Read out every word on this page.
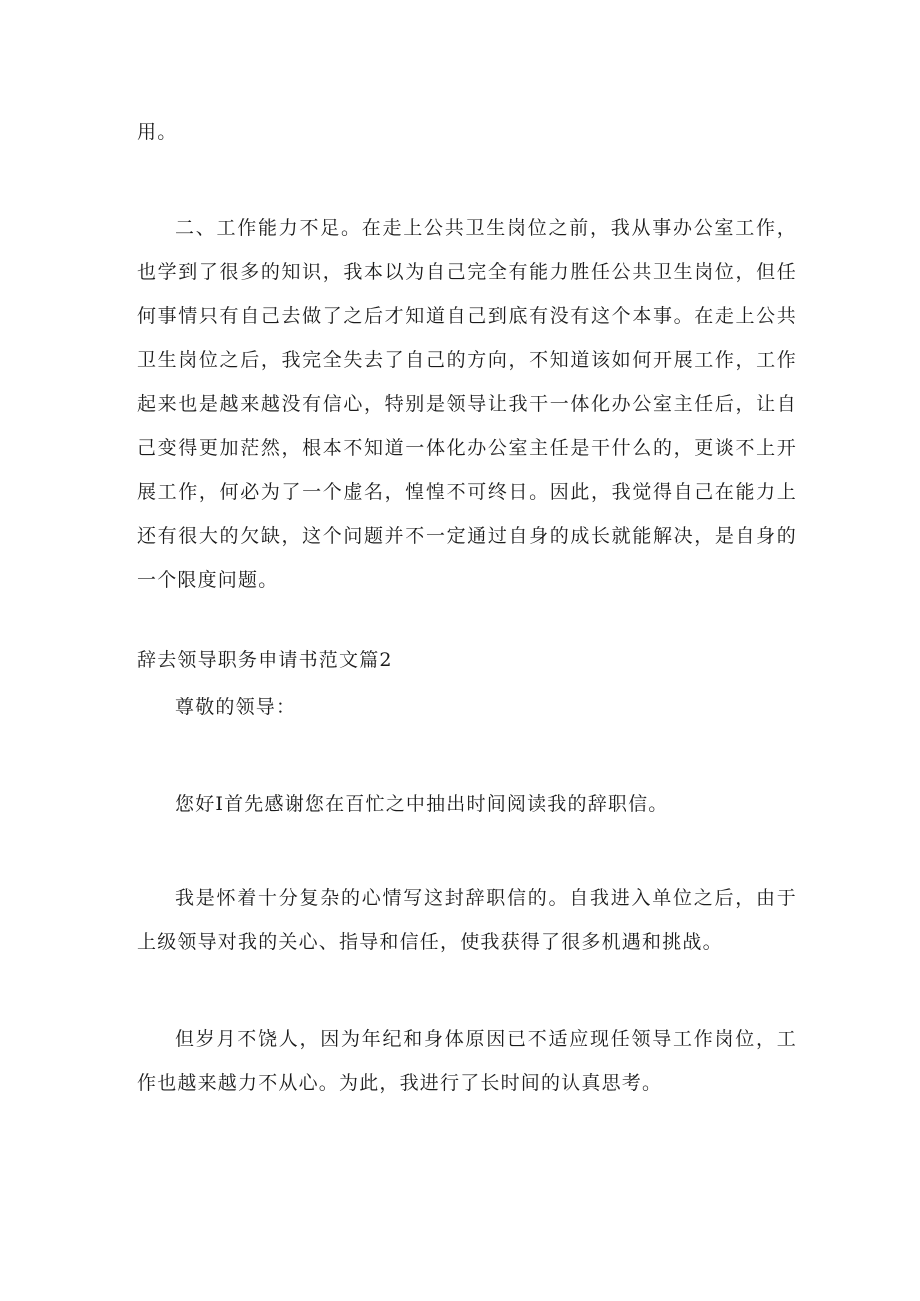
用。

二、工作能力不足。在走上公共卫生岗位之前，我从事办公室工作，也学到了很多的知识，我本以为自己完全有能力胜任公共卫生岗位，但任何事情只有自己去做了之后才知道自己到底有没有这个本事。在走上公共卫生岗位之后，我完全失去了自己的方向，不知道该如何开展工作，工作起来也是越来越没有信心，特别是领导让我干一体化办公室主任后，让自己变得更加茫然，根本不知道一体化办公室主任是干什么的，更谈不上开展工作，何必为了一个虚名，惶惶不可终日。因此，我觉得自己在能力上还有很大的欠缺，这个问题并不一定通过自身的成长就能解决，是自身的一个限度问题。

辞去领导职务申请书范文篇2

尊敬的领导：

您好I首先感谢您在百忙之中抽出时间阅读我的辞职信。

我是怀着十分复杂的心情写这封辞职信的。自我进入单位之后，由于上级领导对我的关心、指导和信任，使我获得了很多机遇和挑战。

但岁月不饶人，因为年纪和身体原因已不适应现任领导工作岗位，工作也越来越力不从心。为此，我进行了长时间的认真思考。
